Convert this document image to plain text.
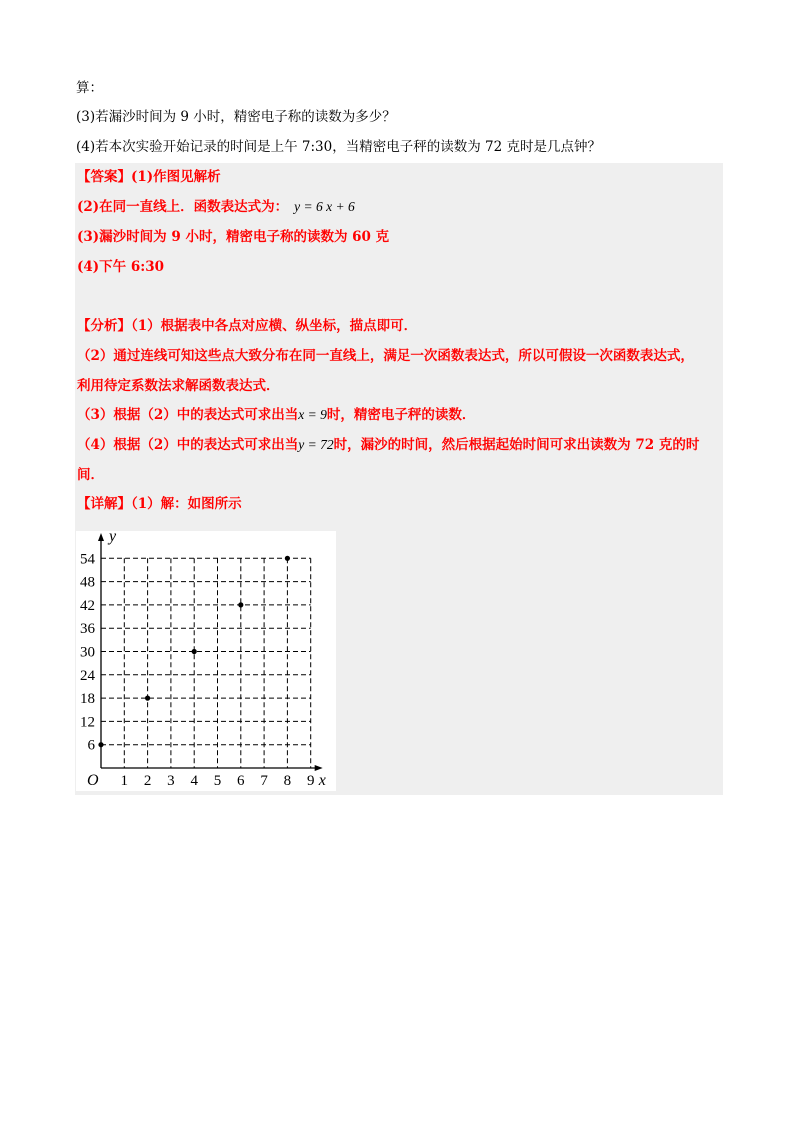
算：
(3)若漏沙时间为 9 小时，精密电子称的读数为多少？
(4)若本次实验开始记录的时间是上午 7:30，当精密电子秤的读数为 72 克时是几点钟？
【答案】(1)作图见解析
(2)在同一直线上．函数表达式为： y = 6 x + 6
(3)漏沙时间为 9 小时，精密电子称的读数为 60 克
(4)下午 6:30
【分析】（1）根据表中各点对应横、纵坐标，描点即可．
（2）通过连线可知这些点大致分布在同一直线上，满足一次函数表达式，所以可假设一次函数表达式，
利用待定系数法求解函数表达式．
（3）根据（2）中的表达式可求出当x = 9时，精密电子秤的读数．
（4）根据（2）中的表达式可求出当y = 72时，漏沙的时间，然后根据起始时间可求出读数为 72 克的时
间．
【详解】（1）解：如图所示
1 2 3 4 5 6 7 8 9
6
12
18
24
30
36
42
48
54
O	x
y
